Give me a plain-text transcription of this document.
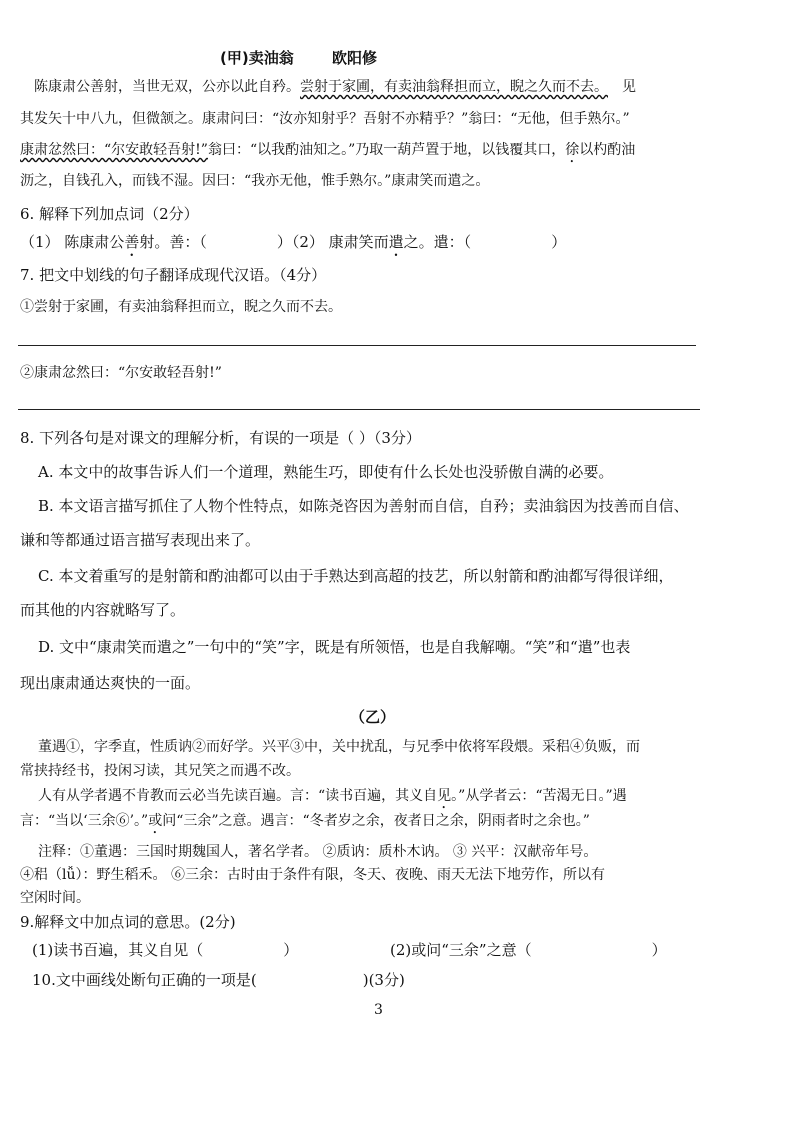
(甲)卖油翁	欧阳修
陈康肃公善射，当世无双，公亦以此自矜。尝射于家圃，有卖油翁释担而立，睨之久而不去。 见
其发矢十中八九，但微颔之。康肃问曰：“汝亦知射乎？吾射不亦精乎？”翁曰：“无他，但手熟尔。”
康肃忿然曰：“尔安敢轻吾射!”翁曰：“以我酌油知之。”乃取一葫芦置于地，以钱覆其口，徐以杓酌油
沥之，自钱孔入，而钱不湿。因曰：“我亦无他，惟手熟尔。”康肃笑而遣之。
6. 解释下列加点词（2分）
（1） 陈康肃公善射。善：（	）（2） 康肃笑而遣之。遣：（	）
7. 把文中划线的句子翻译成现代汉语。（4分）
①尝射于家圃，有卖油翁释担而立，睨之久而不去。
②康肃忿然曰：“尔安敢轻吾射!”
8. 下列各句是对课文的理解分析，有误的一项是（ ）（3分）
A. 本文中的故事告诉人们一个道理，熟能生巧，即使有什么长处也没骄傲自满的必要。
B. 本文语言描写抓住了人物个性特点，如陈尧咨因为善射而自信，自矜；卖油翁因为技善而自信、
谦和等都通过语言描写表现出来了。
C. 本文着重写的是射箭和酌油都可以由于手熟达到高超的技艺，所以射箭和酌油都写得很详细，
而其他的内容就略写了。
D. 文中“康肃笑而遣之”一句中的“笑”字，既是有所领悟，也是自我解嘲。“笑”和“遣”也表
现出康肃通达爽快的一面。
（乙）
董遇①，字季直，性质讷②而好学。兴平③中，关中扰乱，与兄季中依将军段煨。采稆④负贩，而
常挟持经书，投闲习读，其兄笑之而遇不改。
人有从学者遇不肯教而云必当先读百遍。言：“读书百遍，其义自见。”从学者云：“苦渴无日。”遇
言：“当以‘三余⑥’。”或问“三余”之意。遇言：“冬者岁之余，夜者日之余，阴雨者时之余也。”
注释：①董遇：三国时期魏国人，著名学者。 ②质讷：质朴木讷。 ③ 兴平：汉献帝年号。
④稆（lǚ）：野生稻禾。 ⑥三余：古时由于条件有限，冬天、夜晚、雨天无法下地劳作，所以有
空闲时间。
9.解释文中加点词的意思。(2分)
(1)读书百遍，其义自见（	）	(2)或问“三余”之意（	）
10.文中画线处断句正确的一项是(	)(3分)
3
